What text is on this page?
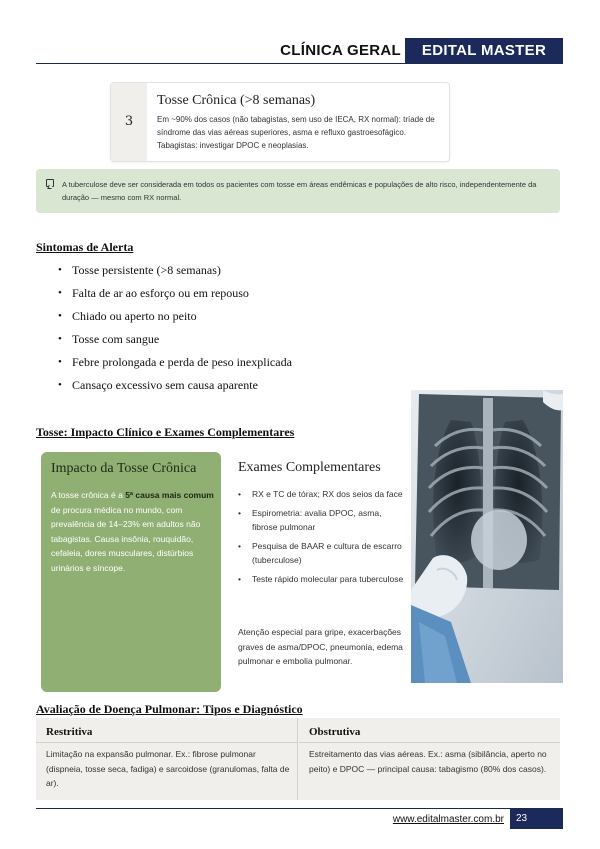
CLÍNICA GERAL	EDITAL MASTER
3
Tosse Crônica (>8 semanas)
Em ~90% dos casos (não tabagistas, sem uso de IECA, RX normal): tríade de síndrome das vias aéreas superiores, asma e refluxo gastroesofágico. Tabagistas: investigar DPOC e neoplasias.
A tuberculose deve ser considerada em todos os pacientes com tosse em áreas endêmicas e populações de alto risco, independentemente da duração — mesmo com RX normal.
Sintomas de Alerta
• Tosse persistente (>8 semanas)
• Falta de ar ao esforço ou em repouso
• Chiado ou aperto no peito
• Tosse com sangue
• Febre prolongada e perda de peso inexplicada
• Cansaço excessivo sem causa aparente
Tosse: Impacto Clínico e Exames Complementares
Impacto da Tosse Crônica
A tosse crônica é a 5ª causa mais comum de procura médica no mundo, com prevalência de 14–23% em adultos não tabagistas. Causa insônia, rouquidão, cefaleia, dores musculares, distúrbios urinários e síncope.
Exames Complementares
• RX e TC de tórax; RX dos seios da face
• Espirometria: avalia DPOC, asma, fibrose pulmonar
• Pesquisa de BAAR e cultura de escarro (tuberculose)
• Teste rápido molecular para tuberculose
Atenção especial para gripe, exacerbações graves de asma/DPOC, pneumonia, edema pulmonar e embolia pulmonar.
Avaliação de Doença Pulmonar: Tipos e Diagnóstico
Restritiva
Limitação na expansão pulmonar. Ex.: fibrose pulmonar (dispneia, tosse seca, fadiga) e sarcoidose (granulomas, falta de ar).
Obstrutiva
Estreitamento das vias aéreas. Ex.: asma (sibilância, aperto no peito) e DPOC — principal causa: tabagismo (80% dos casos).
www.editalmaster.com.br	23
